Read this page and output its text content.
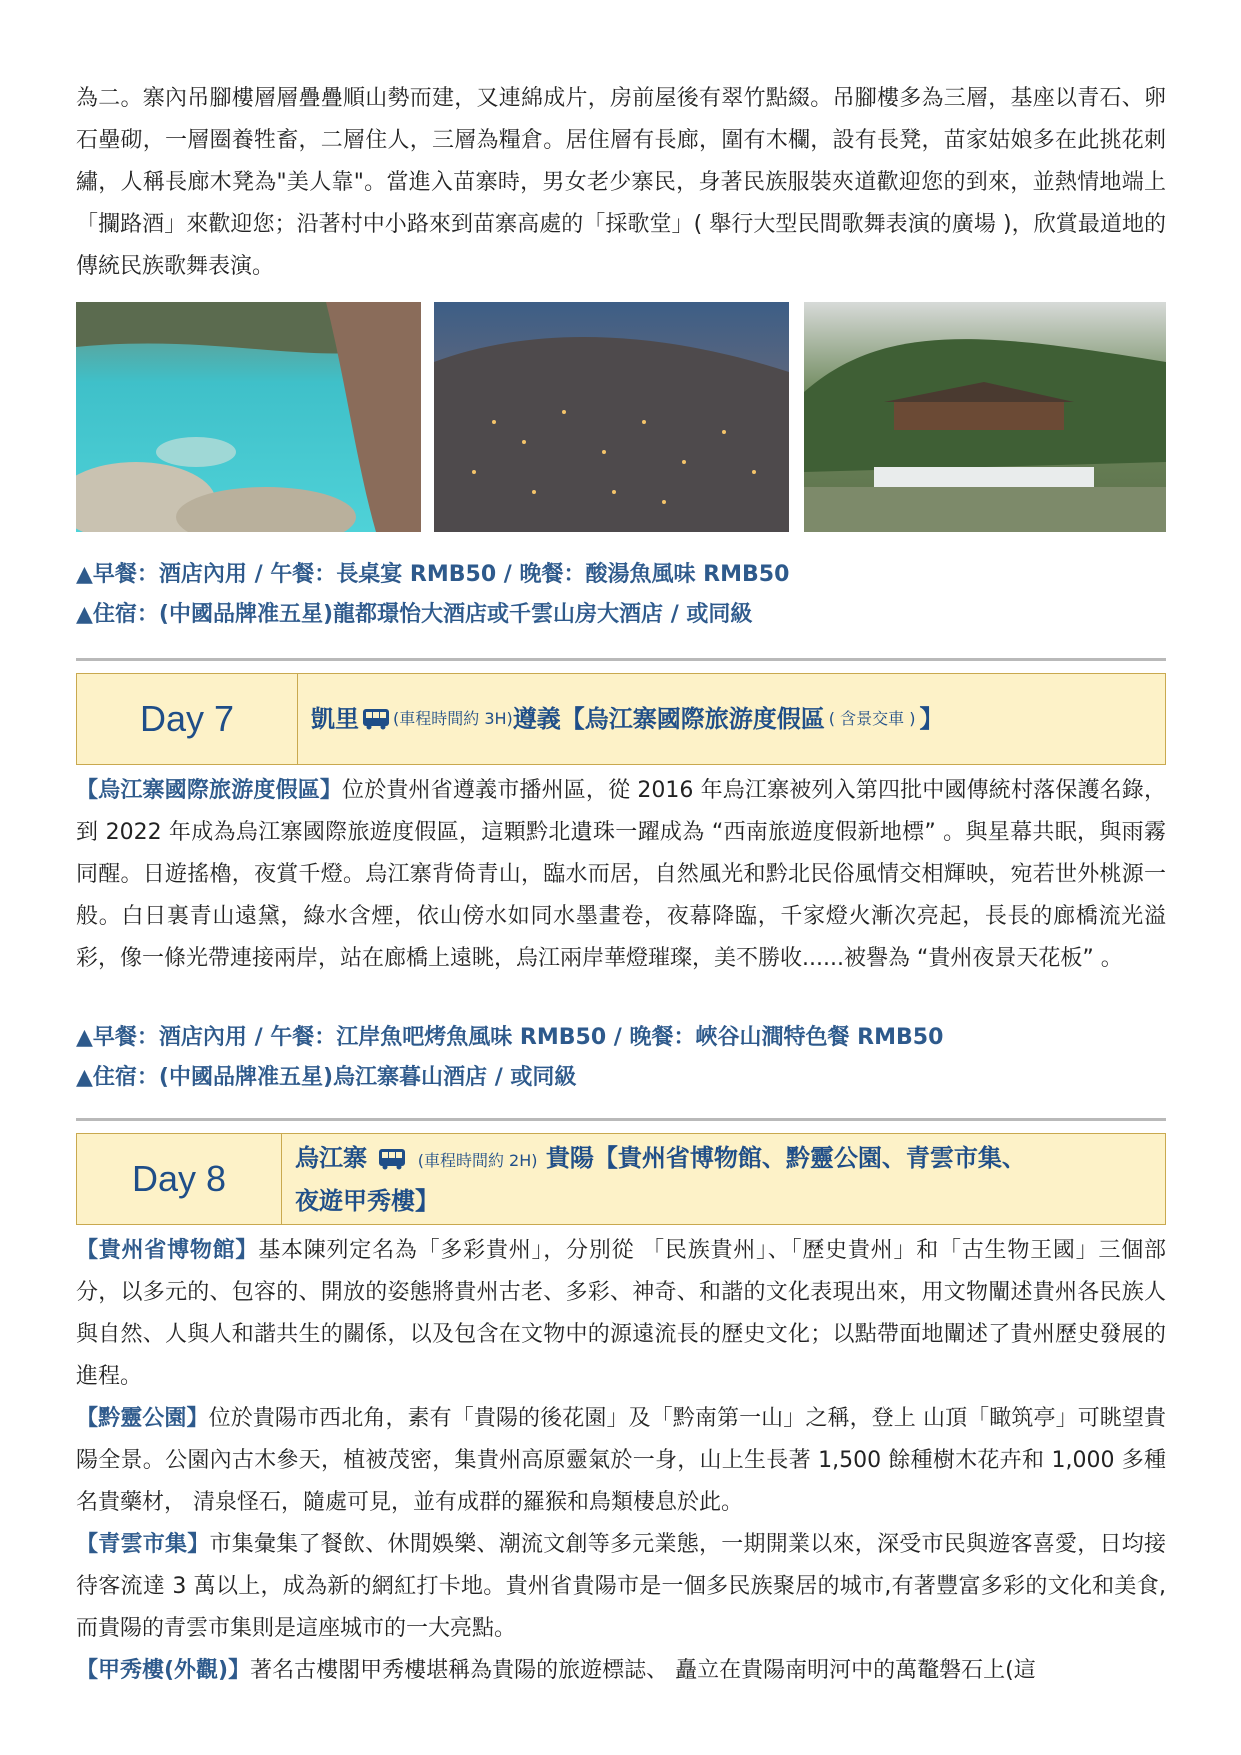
為二。寨內吊腳樓層層疊疊順山勢而建，又連綿成片，房前屋後有翠竹點綴。吊腳樓多為三層，基座以青石、卵石壘砌，一層圈養牲畜，二層住人，三層為糧倉。居住層有長廊，圍有木欄，設有長凳，苗家姑娘多在此挑花刺繡，人稱長廊木凳為"美人靠"。當進入苗寨時，男女老少寨民，身著民族服裝夾道歡迎您的到來，並熱情地端上「攔路酒」來歡迎您；沿著村中小路來到苗寨高處的「採歌堂」( 舉行大型民間歌舞表演的廣場 )，欣賞最道地的傳統民族歌舞表演。

▲早餐：酒店內用 / 午餐：長桌宴 RMB50 / 晚餐：酸湯魚風味 RMB50
▲住宿：(中國品牌准五星)龍都璟怡大酒店或千雲山房大酒店 / 或同級
Day 7	凱里 (車程時間約 3H) 遵義【烏江寨國際旅游度假區 ( 含景交車 ) 】

【烏江寨國際旅游度假區】位於貴州省遵義市播州區，從 2016 年烏江寨被列入第四批中國傳統村落保護名錄，到 2022 年成為烏江寨國際旅遊度假區，這顆黔北遺珠一躍成為 “西南旅遊度假新地標” 。與星幕共眠，與雨霧同醒。日遊搖櫓，夜賞千燈。烏江寨背倚青山，臨水而居，自然風光和黔北民俗風情交相輝映，宛若世外桃源一般。白日裏青山遠黛，綠水含煙，依山傍水如同水墨畫卷，夜幕降臨，千家燈火漸次亮起，長長的廊橋流光溢彩，像一條光帶連接兩岸，站在廊橋上遠眺，烏江兩岸華燈璀璨，美不勝收......被譽為 “貴州夜景天花板” 。

▲早餐：酒店內用 / 午餐：江岸魚吧烤魚風味 RMB50 / 晚餐：峽谷山澗特色餐 RMB50
▲住宿：(中國品牌准五星)烏江寨暮山酒店 / 或同級
Day 8
烏江寨	(車程時間約 2H) 貴陽【貴州省博物館、黔靈公園、青雲市集、
夜遊甲秀樓】

【貴州省博物館】基本陳列定名為「多彩貴州」，分別從 「民族貴州」、「歷史貴州」和「古生物王國」三個部分，以多元的、包容的、開放的姿態將貴州古老、多彩、神奇、和諧的文化表現出來，用文物闡述貴州各民族人與自然、人與人和諧共生的關係，以及包含在文物中的源遠流長的歷史文化；以點帶面地闡述了貴州歷史發展的進程。

【黔靈公園】位於貴陽市西北角，素有「貴陽的後花園」及「黔南第一山」之稱，登上 山頂「瞰筑亭」可眺望貴陽全景。公園內古木參天，植被茂密，集貴州高原靈氣於一身，山上生長著 1,500 餘種樹木花卉和 1,000 多種名貴藥材， 清泉怪石，隨處可見，並有成群的羅猴和鳥類棲息於此。

【青雲市集】市集彙集了餐飲、休閒娛樂、潮流文創等多元業態，一期開業以來，深受市民與遊客喜愛，日均接待客流達 3 萬以上，成為新的網紅打卡地。貴州省貴陽市是一個多民族聚居的城市,有著豐富多彩的文化和美食,而貴陽的青雲市集則是這座城市的一大亮點。

【甲秀樓(外觀)】著名古樓閣甲秀樓堪稱為貴陽的旅遊標誌、 矗立在貴陽南明河中的萬鼇磐石上(這
